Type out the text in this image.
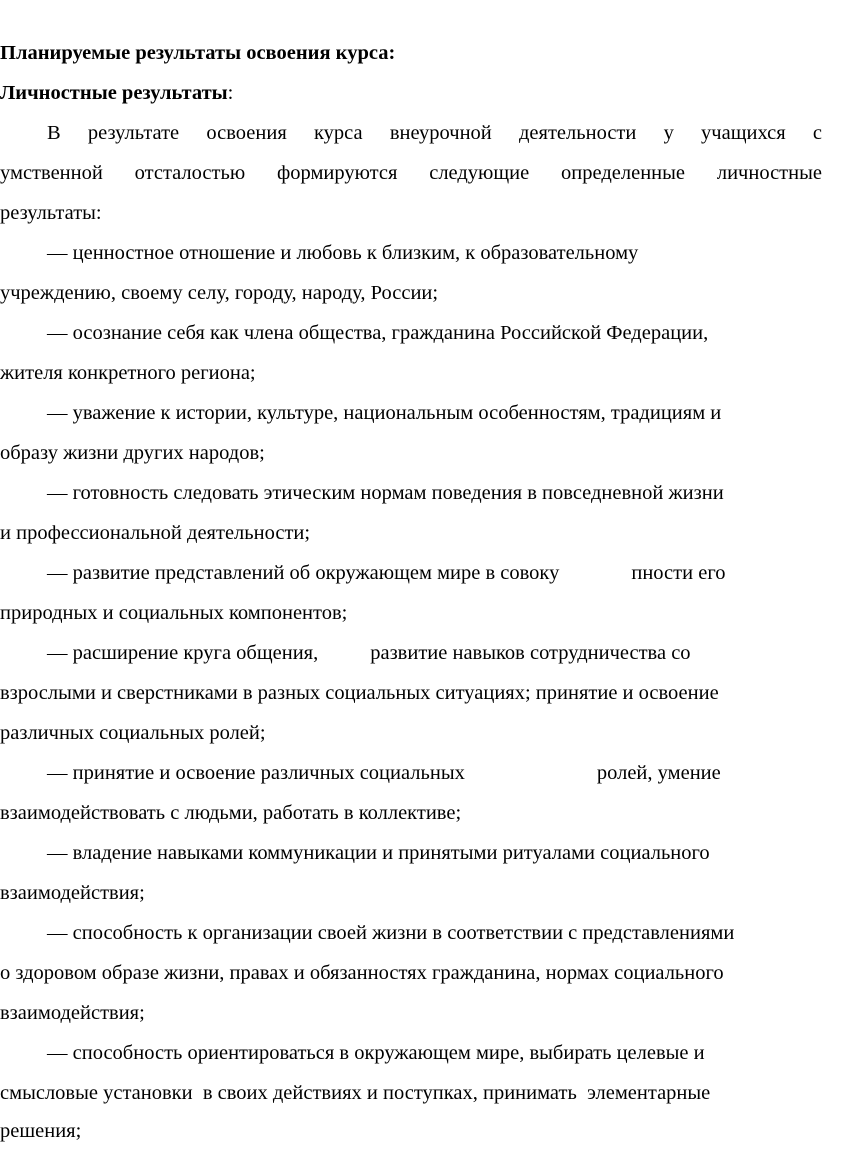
Планируемые результаты освоения курса:
Личностные результаты:
В результате освоения курса внеурочной деятельности у учащихся с
умственной отсталостью формируются следующие определенные личностные
результаты:
— ценностное отношение и любовь к близким, к образовательному
учреждению, своему селу, городу, народу, России;
— осознание себя как члена общества, гражданина Российской Федерации,
жителя конкретного региона;
— уважение к истории, культуре, национальным особенностям, традициям и
образу жизни других народов;
— готовность следовать этическим нормам поведения в повседневной жизни
и профессиональной деятельности;
— развитие представлений об окружающем мире в совоку	пности его
природных и социальных компонентов;
— расширение круга общения,	развитие навыков сотрудничества со
взрослыми и сверстниками в разных социальных ситуациях; принятие и освоение
различных социальных ролей;
— принятие и освоение различных социальных	ролей, умение
взаимодействовать с людьми, работать в коллективе;
— владение навыками коммуникации и принятыми ритуалами социального
взаимодействия;
— способность к организации своей жизни в соответствии с представлениями
о здоровом образе жизни, правах и обязанностях гражданина, нормах социального
взаимодействия;
— способность ориентироваться в окружающем мире, выбирать целевые и
смысловые установки  в своих действиях и поступках, принимать  элементарные
решения;
